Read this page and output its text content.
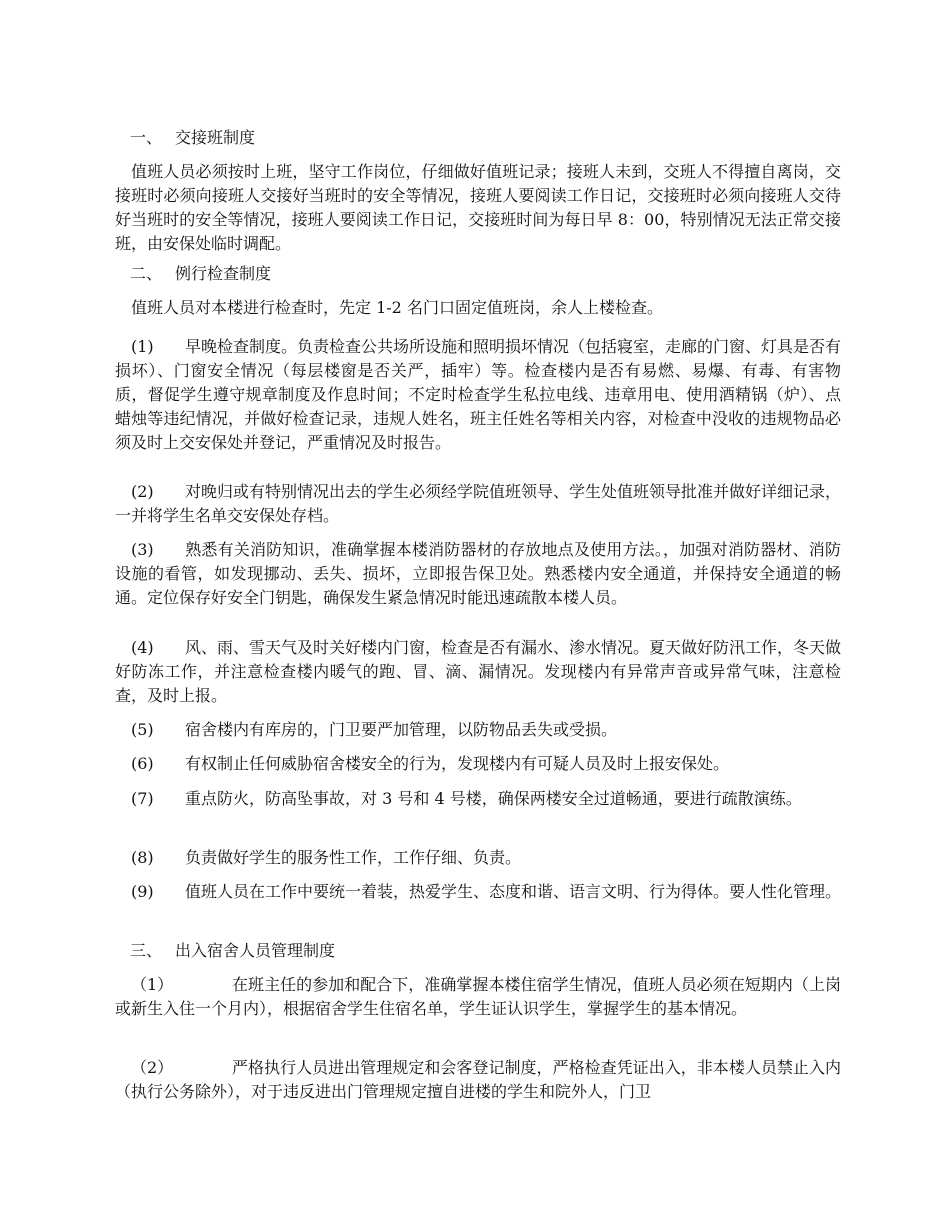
一、 交接班制度

值班人员必须按时上班，坚守工作岗位，仔细做好值班记录；接班人未到，交班人不得擅自离岗，交接班时必须向接班人交接好当班时的安全等情况，接班人要阅读工作日记，交接班时必须向接班人交待好当班时的安全等情况，接班人要阅读工作日记，交接班时间为每日早 8：00，特别情况无法正常交接班，由安保处临时调配。

二、 例行检查制度

值班人员对本楼进行检查时，先定 1-2 名门口固定值班岗，余人上楼检查。

(1) 早晚检查制度。负责检查公共场所设施和照明损坏情况（包括寝室，走廊的门窗、灯具是否有损坏）、门窗安全情况（每层楼窗是否关严，插牢）等。检查楼内是否有易燃、易爆、有毒、有害物质，督促学生遵守规章制度及作息时间；不定时检查学生私拉电线、违章用电、使用酒精锅（炉）、点蜡烛等违纪情况，并做好检查记录，违规人姓名，班主任姓名等相关内容，对检查中没收的违规物品必须及时上交安保处并登记，严重情况及时报告。

(2) 对晚归或有特别情况出去的学生必须经学院值班领导、学生处值班领导批准并做好详细记录，一并将学生名单交安保处存档。

(3) 熟悉有关消防知识，准确掌握本楼消防器材的存放地点及使用方法。，加强对消防器材、消防设施的看管，如发现挪动、丢失、损坏，立即报告保卫处。熟悉楼内安全通道，并保持安全通道的畅通。定位保存好安全门钥匙，确保发生紧急情况时能迅速疏散本楼人员。

(4) 风、雨、雪天气及时关好楼内门窗，检查是否有漏水、渗水情况。夏天做好防汛工作，冬天做好防冻工作，并注意检查楼内暖气的跑、冒、滴、漏情况。发现楼内有异常声音或异常气味，注意检查，及时上报。

(5) 宿舍楼内有库房的，门卫要严加管理，以防物品丢失或受损。

(6) 有权制止任何威胁宿舍楼安全的行为，发现楼内有可疑人员及时上报安保处。

(7) 重点防火，防高坠事故，对 3 号和 4 号楼，确保两楼安全过道畅通，要进行疏散演练。

(8) 负责做好学生的服务性工作，工作仔细、负责。

(9) 值班人员在工作中要统一着装，热爱学生、态度和谐、语言文明、行为得体。要人性化管理。

三、 出入宿舍人员管理制度

（1）	在班主任的参加和配合下，准确掌握本楼住宿学生情况，值班人员必须在短期内（上岗或新生入住一个月内），根据宿舍学生住宿名单，学生证认识学生，掌握学生的基本情况。

（2）	严格执行人员进出管理规定和会客登记制度，严格检查凭证出入，非本楼人员禁止入内（执行公务除外），对于违反进出门管理规定擅自进楼的学生和院外人，门卫
